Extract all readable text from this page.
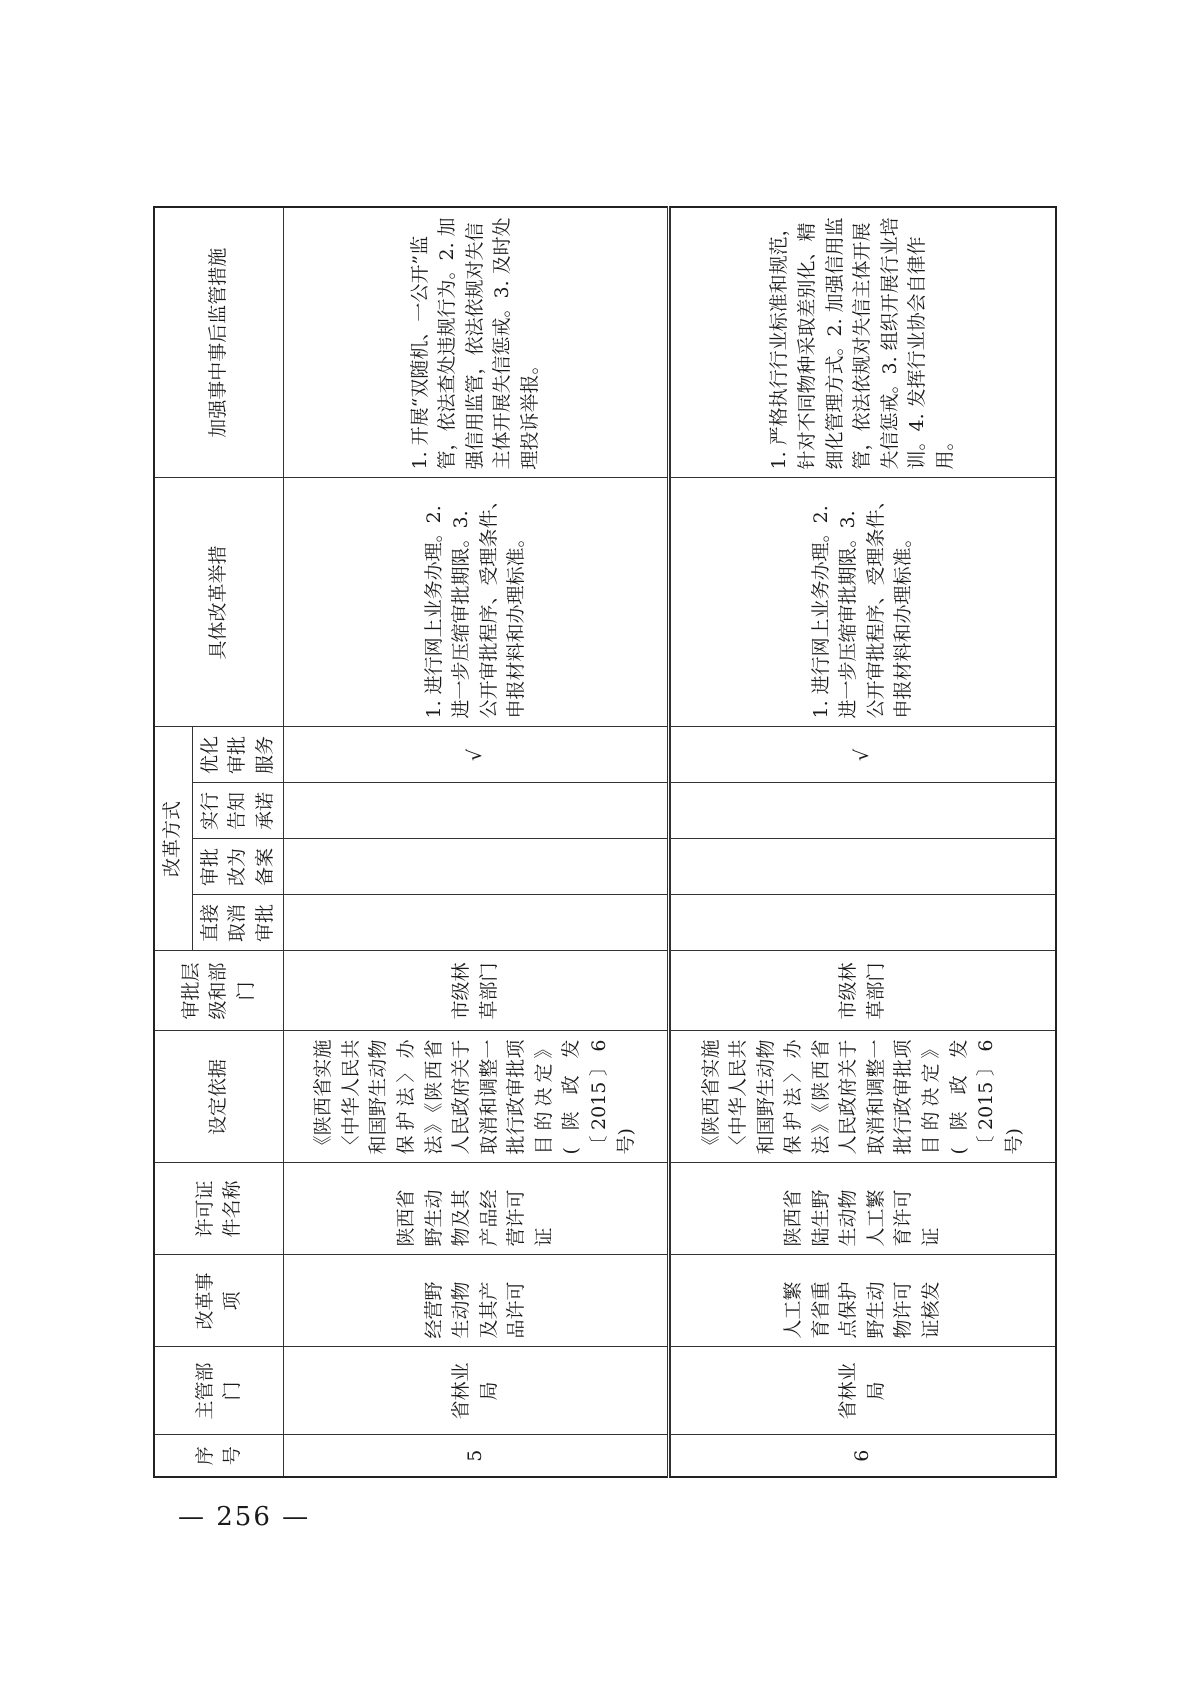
序号	主管部门	改革事项	许可证件名称	设定依据	审批层级和部门	改革方式				具体改革举措	加强事中事后监管措施
						直接取消审批	审批改为备案	实行告知承诺	优化审批服务		
5	省林业局	经营野生动物及其产品许可	陕西省野生动物及其产品经营许可证	《陕西省实施〈中华人民共和国野生动物保护法〉办法》《陕西省人民政府关于取消和调整一批行政审批项目的决定》(陕政发〔2015〕6号)	市级林草部门				√	1. 进行网上业务办理。2. 进一步压缩审批期限。3. 公开审批程序、受理条件、申报材料和办理标准。	1. 开展“双随机、一公开”监管，依法查处违规行为。2. 加强信用监管，依法依规对失信主体开展失信惩戒。3. 及时处理投诉举报。

6	省林业局	人工繁育省重点保护野生动物许可证核发	陕西省陆生野生动物人工繁育许可证	《陕西省实施〈中华人民共和国野生动物保护法〉办法》《陕西省人民政府关于取消和调整一批行政审批项目的决定》(陕政发〔2015〕6号)	市级林草部门				√	1. 进行网上业务办理。2. 进一步压缩审批期限。3. 公开审批程序、受理条件、申报材料和办理标准。	1. 严格执行行业标准和规范，针对不同物种采取差别化、精细化管理方式。2. 加强信用监管，依法依规对失信主体开展失信惩戒。3. 组织开展行业培训。4. 发挥行业协会自律作用。
— 256 —
